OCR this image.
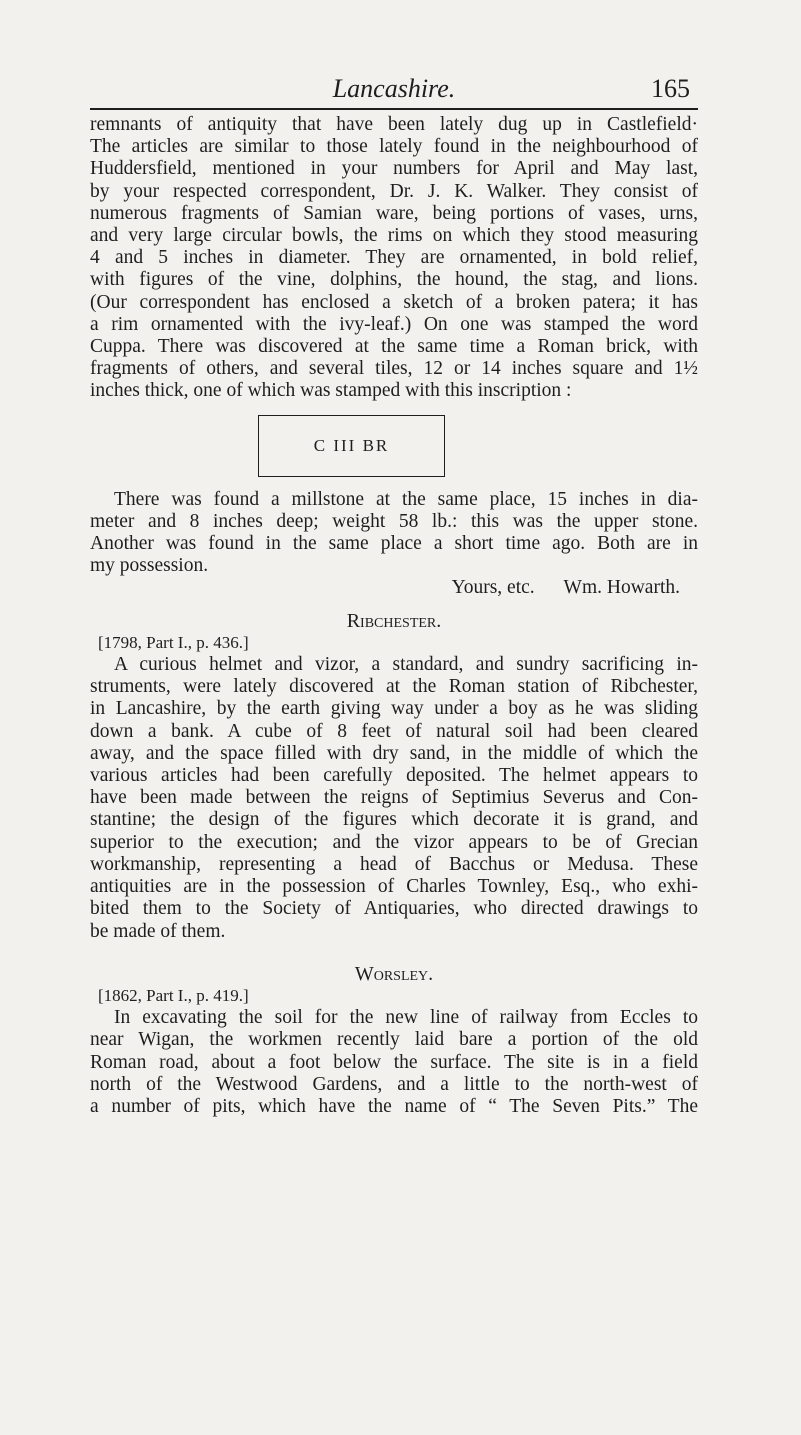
Lancashire.	165
remnants of antiquity that have been lately dug up in Castlefield·
The articles are similar to those lately found in the neighbourhood of
Huddersfield, mentioned in your numbers for April and May last,
by your respected correspondent, Dr. J. K. Walker. They consist of
numerous fragments of Samian ware, being portions of vases, urns,
and very large circular bowls, the rims on which they stood measuring
4 and 5 inches in diameter. They are ornamented, in bold relief,
with figures of the vine, dolphins, the hound, the stag, and lions.
(Our correspondent has enclosed a sketch of a broken patera; it has
a rim ornamented with the ivy-leaf.) On one was stamped the word
Cuppa. There was discovered at the same time a Roman brick, with
fragments of others, and several tiles, 12 or 14 inches square and 1½
inches thick, one of which was stamped with this inscription :
C III BR
There was found a millstone at the same place, 15 inches in dia-
meter and 8 inches deep; weight 58 lb.: this was the upper stone.
Another was found in the same place a short time ago. Both are in
my possession.
Yours, etc.      Wm. Howarth.
Ribchester.
[1798, Part I., p. 436.]
A curious helmet and vizor, a standard, and sundry sacrificing in-
struments, were lately discovered at the Roman station of Ribchester,
in Lancashire, by the earth giving way under a boy as he was sliding
down a bank. A cube of 8 feet of natural soil had been cleared
away, and the space filled with dry sand, in the middle of which the
various articles had been carefully deposited. The helmet appears to
have been made between the reigns of Septimius Severus and Con-
stantine; the design of the figures which decorate it is grand, and
superior to the execution; and the vizor appears to be of Grecian
workmanship, representing a head of Bacchus or Medusa. These
antiquities are in the possession of Charles Townley, Esq., who exhi-
bited them to the Society of Antiquaries, who directed drawings to
be made of them.
Worsley.
[1862, Part I., p. 419.]
In excavating the soil for the new line of railway from Eccles to
near Wigan, the workmen recently laid bare a portion of the old
Roman road, about a foot below the surface. The site is in a field
north of the Westwood Gardens, and a little to the north-west of
a number of pits, which have the name of “ The Seven Pits.” The
